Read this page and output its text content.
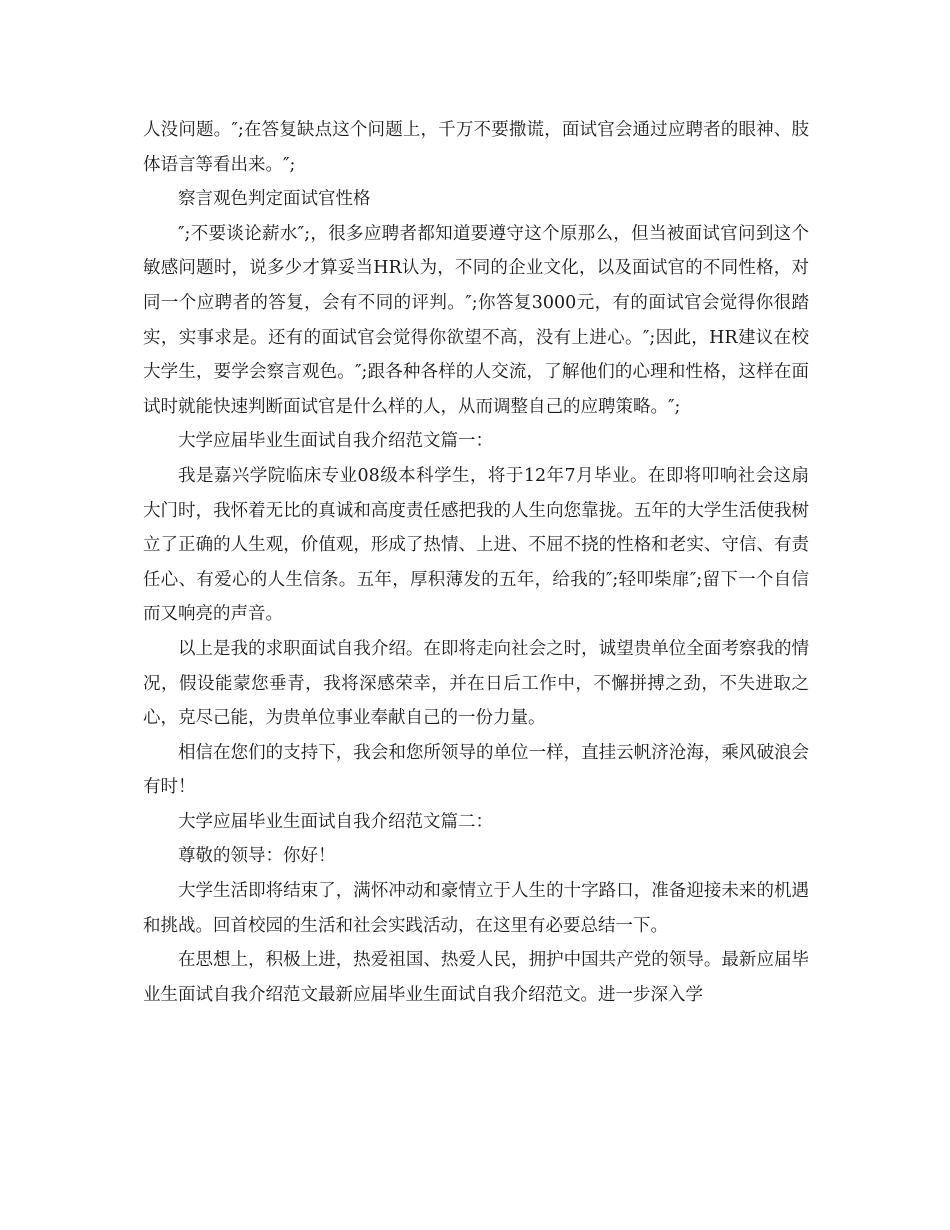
人没问题。″;在答复缺点这个问题上，千万不要撒谎，面试官会通过应聘者的眼神、肢体语言等看出来。″;

察言观色判定面试官性格

″;不要谈论薪水″;，很多应聘者都知道要遵守这个原那么，但当被面试官问到这个敏感问题时，说多少才算妥当HR认为，不同的企业文化，以及面试官的不同性格，对同一个应聘者的答复，会有不同的评判。″;你答复3000元，有的面试官会觉得你很踏实，实事求是。还有的面试官会觉得你欲望不高，没有上进心。″;因此，HR建议在校大学生，要学会察言观色。″;跟各种各样的人交流，了解他们的心理和性格，这样在面试时就能快速判断面试官是什么样的人，从而调整自己的应聘策略。″;

大学应届毕业生面试自我介绍范文篇一：

我是嘉兴学院临床专业08级本科学生，将于12年7月毕业。在即将叩响社会这扇大门时，我怀着无比的真诚和高度责任感把我的人生向您靠拢。五年的大学生活使我树立了正确的人生观，价值观，形成了热情、上进、不屈不挠的性格和老实、守信、有责任心、有爱心的人生信条。五年，厚积薄发的五年，给我的″;轻叩柴扉″;留下一个自信而又响亮的声音。

以上是我的求职面试自我介绍。在即将走向社会之时，诚望贵单位全面考察我的情况，假设能蒙您垂青，我将深感荣幸，并在日后工作中，不懈拼搏之劲，不失进取之心，克尽己能，为贵单位事业奉献自己的一份力量。

相信在您们的支持下，我会和您所领导的单位一样，直挂云帆济沧海，乘风破浪会有时！

大学应届毕业生面试自我介绍范文篇二：

尊敬的领导：你好！

大学生活即将结束了，满怀冲动和豪情立于人生的十字路口，准备迎接未来的机遇和挑战。回首校园的生活和社会实践活动，在这里有必要总结一下。

在思想上，积极上进，热爱祖国、热爱人民，拥护中国共产党的领导。最新应届毕业生面试自我介绍范文最新应届毕业生面试自我介绍范文。进一步深入学
